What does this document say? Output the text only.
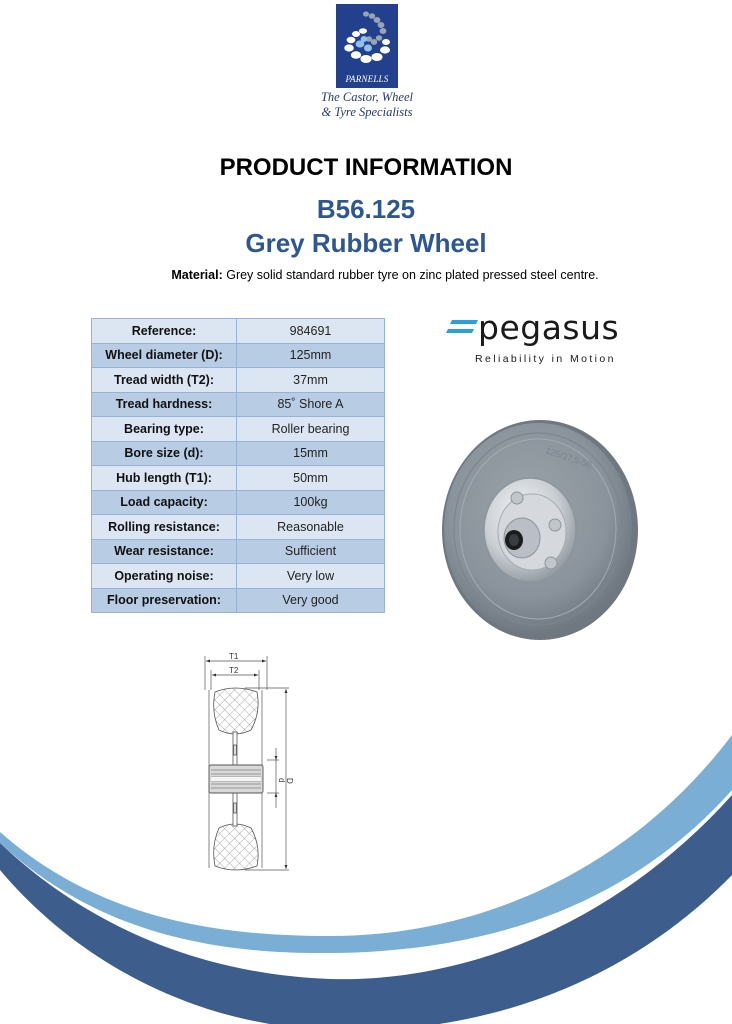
PARNELLS
The Castor, Wheel
& Tyre Specialists
PRODUCT INFORMATION
B56.125
Grey Rubber Wheel
Material: Grey solid standard rubber tyre on zinc plated pressed steel centre.
Reference:	984691
Wheel diameter (D):	125mm
Tread width (T2):	37mm
Tread hardness:	85˚ Shore A
Bearing type:	Roller bearing
Bore size (d):	15mm
Hub length (T1):	50mm
Load capacity:	100kg
Rolling resistance:	Reasonable
Wear resistance:	Sufficient
Operating noise:	Very low
Floor preservation:	Very good
pegasus
Reliability in Motion
125/37,5-50
T1
T2
d D
